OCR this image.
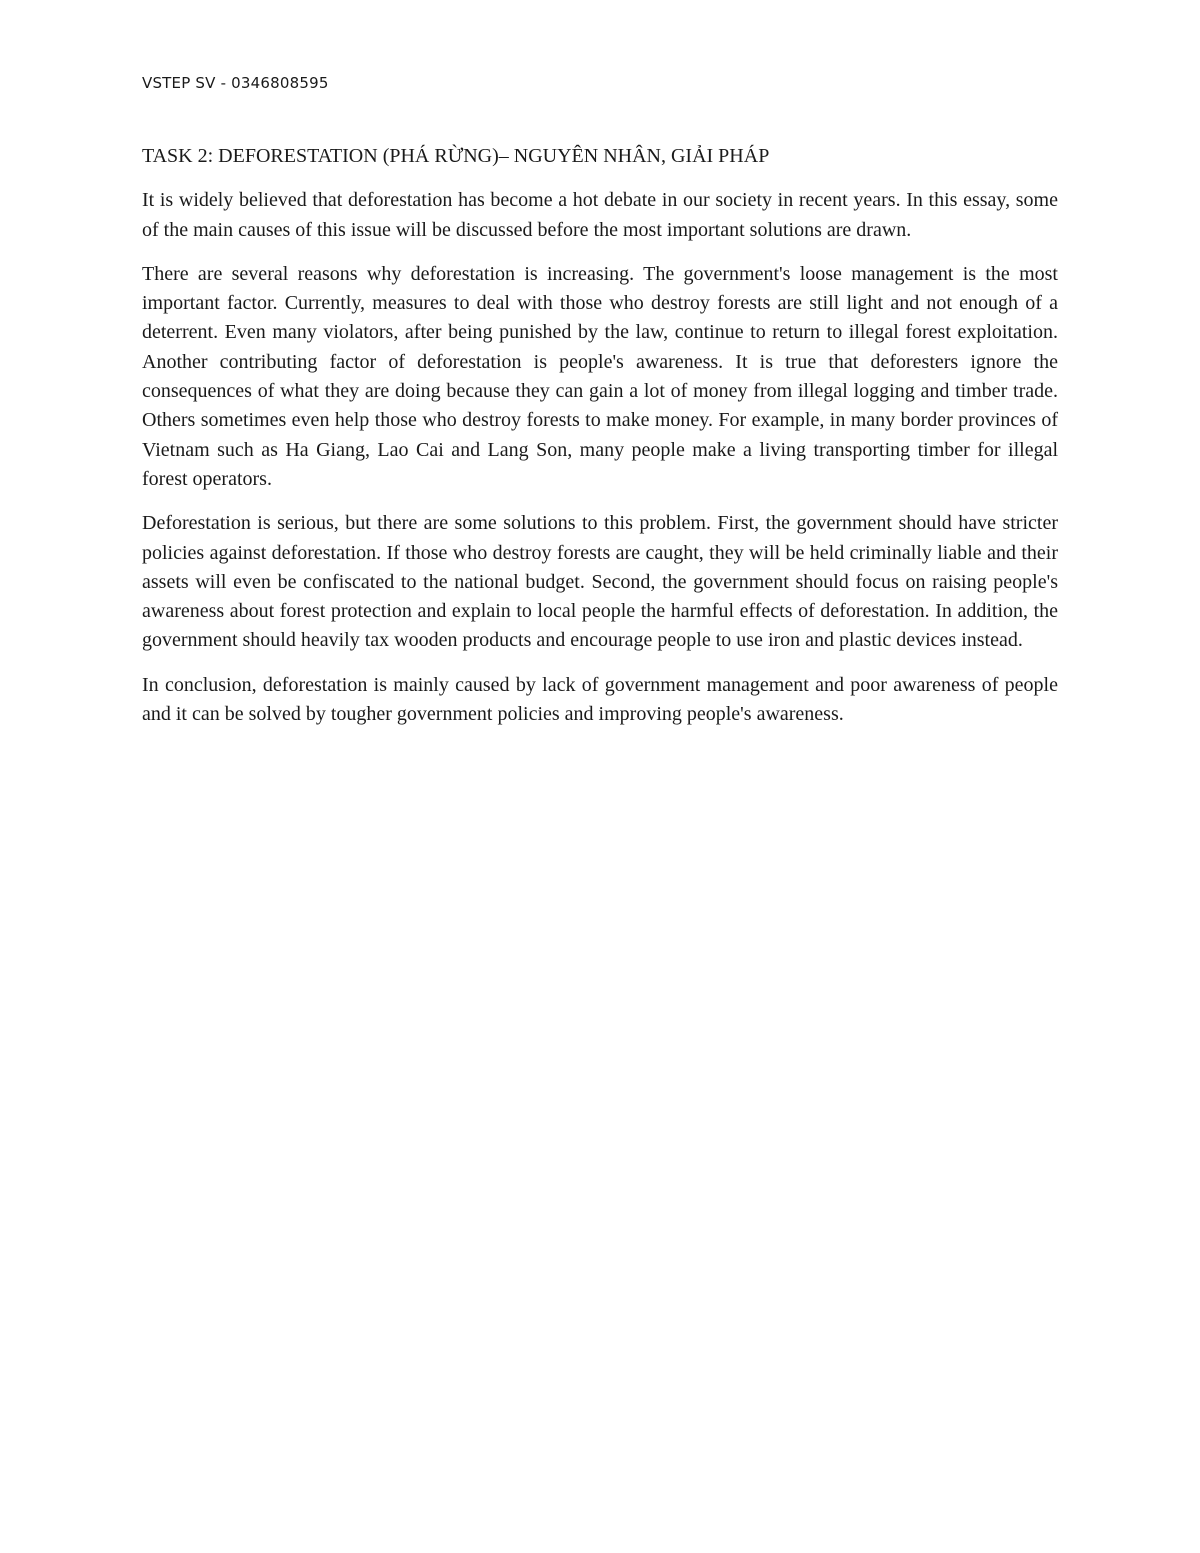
VSTEP SV - 0346808595

TASK 2: DEFORESTATION (PHÁ RỪNG)– NGUYÊN NHÂN, GIẢI PHÁP

It is widely believed that deforestation has become a hot debate in our society in recent years. In this essay, some of the main causes of this issue will be discussed before the most important solutions are drawn.

There are several reasons why deforestation is increasing. The government's loose management is the most important factor. Currently, measures to deal with those who destroy forests are still light and not enough of a deterrent. Even many violators, after being punished by the law, continue to return to illegal forest exploitation. Another contributing factor of deforestation is people's awareness. It is true that deforesters ignore the consequences of what they are doing because they can gain a lot of money from illegal logging and timber trade. Others sometimes even help those who destroy forests to make money. For example, in many border provinces of Vietnam such as Ha Giang, Lao Cai and Lang Son, many people make a living transporting timber for illegal forest operators.

Deforestation is serious, but there are some solutions to this problem. First, the government should have stricter policies against deforestation. If those who destroy forests are caught, they will be held criminally liable and their assets will even be confiscated to the national budget. Second, the government should focus on raising people's awareness about forest protection and explain to local people the harmful effects of deforestation. In addition, the government should heavily tax wooden products and encourage people to use iron and plastic devices instead.

In conclusion, deforestation is mainly caused by lack of government management and poor awareness of people and it can be solved by tougher government policies and improving people's awareness.
